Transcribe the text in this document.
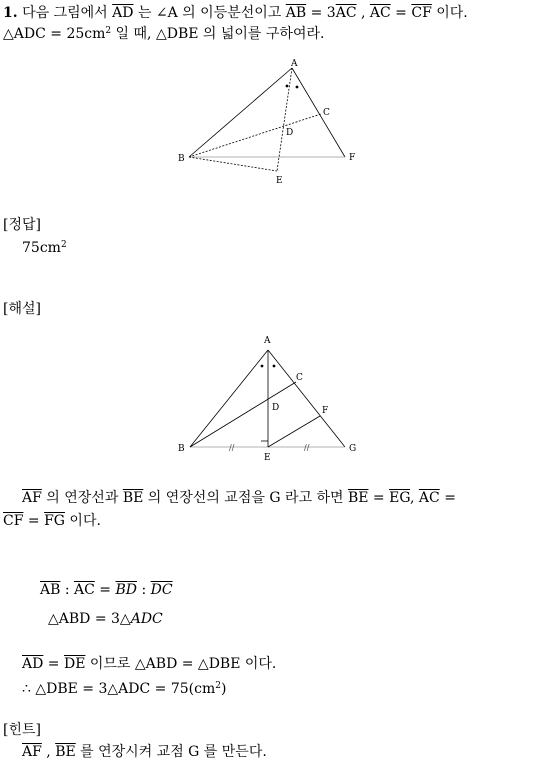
1. 다음 그림에서 $\overline{AD}$ 는 ∠A 의 이등분선이고 $\overline{AB} = 3\overline{AC}$ , $\overline{AC} = \overline{CF}$ 이다.
△ADC = $25cm^2$ 일 때, △DBE 의 넓이를 구하여라.
A
B
C
D
E
F
[정답]
$75cm^2$
[해설]
//	//
A
B
C
D
E
F
G
$\overline{AF}$ 의 연장선과 $\overline{BE}$ 의 연장선의 교점을 G 라고 하면 $\overline{BE} = \overline{EG}$, $\overline{AC}$ =
$\overline{CF} = \overline{FG}$ 이다.
$\overline{AB}$ : $\overline{AC} = \overline{BD}$ : $\overline{DC}$
△ABD = 3△ADC
$\overline{AD} = \overline{DE}$ 이므로 △ABD = △DBE 이다.
∴ △DBE = 3△ADC = $75(cm^2)$
[힌트]
$\overline{AF}$ , $\overline{BE}$ 를 연장시켜 교점 G 를 만든다.
